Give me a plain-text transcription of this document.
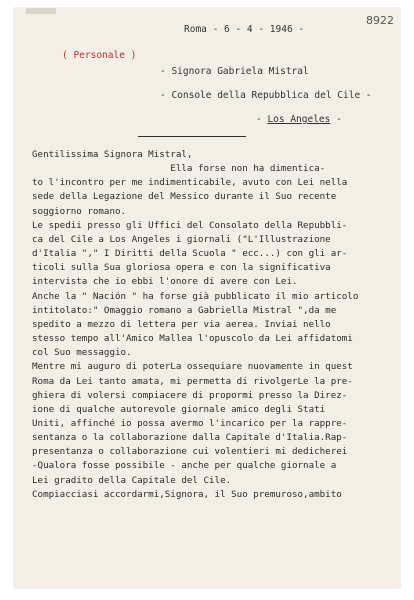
8922
Roma - 6 - 4 - 1946 -
( Personale )
- Signora Gabriela Mistral
- Console della Repubblica del Cile -
- Los Angeles -
Gentilissima Signora Mistral,
Ella forse non ha dimentica-
to l'incontro per me indimenticabile, avuto con Lei nella
sede della Legazione del Messico durante il Suo recente
soggiorno romano.
Le spedii presso gli Uffici del Consolato della Repubbli-
ca del Cile a Los Angeles i giornali ("L'Illustrazione
d'Italia "," I Diritti della Scuola " ecc...) con gli ar-
ticoli sulla Sua gloriosa opera e con la significativa
intervista che io ebbi l'onore di avere con Lei.
Anche la " Nación " ha forse già pubblicato il mio articolo
intitolato:" Omaggio romano a Gabriella Mistral ",da me
spedito a mezzo di lettera per via aerea. Inviai nello
stesso tempo all'Amico Mallea l'opuscolo da Lei affidatomi
col Suo messaggio.
Mentre mi auguro di poterLa ossequiare nuovamente in quest
Roma da Lei tanto amata, mi permetta di rivolgerLe la pre-
ghiera di volersi compiacere di propormi presso la Direz-
ione di qualche autorevole giornale amico degli Stati
Uniti, affinché io possa avermo l'incarico per la rappre-
sentanza o la collaborazione dalla Capitale d'Italia.Rap-
presentanza o collaborazione cui volentieri mi dedicherei
-Qualora fosse possibile - anche per qualche giornale a
Lei gradito della Capitale del Cile.
Compiacciasi accordarmi,Signora, il Suo premuroso,ambito
